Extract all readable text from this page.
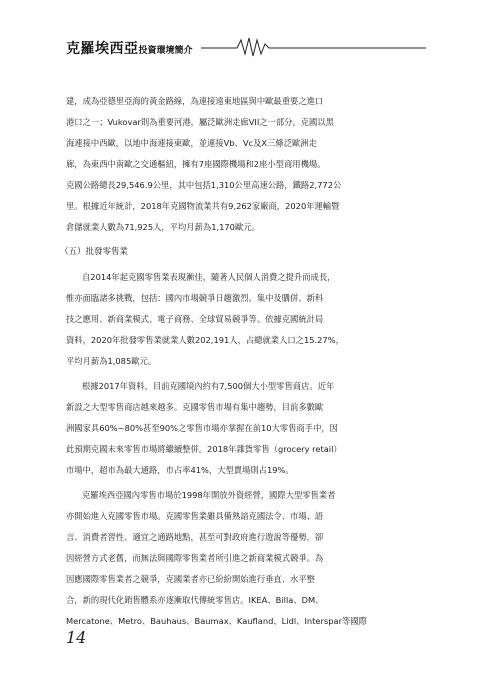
克羅埃西亞投資環境簡介
建，成為亞德里亞海的黃金路線，為連接遠東地區與中歐最重要之進口
港口之一；Vukovar則為重要河港，屬泛歐洲走廊VII之一部分。克國以黑
海連接中西歐，以地中海連接東歐，並連接Vb、Vc及X三條泛歐洲走
廊，為東西中南歐之交通樞紐，擁有7座國際機場和2座小型商用機場。
克國公路總長29,546.9公里，其中包括1,310公里高速公路，鐵路2,772公
里。根據近年統計，2018年克國物流業共有9,262家廠商，2020年運輸暨
倉儲就業人數為71,925人，平均月薪為1,170歐元。
（五）批發零售業
自2014年起克國零售業表現漸佳，隨著人民個人消費之提升而成長，
惟亦面臨諸多挑戰，包括：國內市場競爭日趨激烈、集中及購併、新科
技之應用、新商業模式、電子商務、全球貿易競爭等。依據克國統計局
資料，2020年批發零售業就業人數202,191人，占總就業人口之15.27%，
平均月薪為1,085歐元。
根據2017年資料，目前克國境內約有7,500個大小型零售商店。近年
新設之大型零售商店越來越多。克國零售市場有集中趨勢，目前多數歐
洲國家具60%~80%甚至90%之零售市場亦掌握在前10大零售商手中，因
此預期克國未來零售市場將繼續整併。2018年雜貨零售（grocery retail）
市場中，超市為最大通路，市占率41%，大型賣場則占19%。
克羅埃西亞國內零售市場於1998年開放外資經營，國際大型零售業者
亦開始進入克國零售市場。克國零售業雖具備熟諳克國法令、市場、語
言、消費者習性、適宜之通路地點，甚至可對政府進行遊說等優勢，卻
因經營方式老舊，而無法與國際零售業者所引進之新商業模式競爭。為
因應國際零售業者之競爭，克國業者亦已紛紛開始進行垂直、水平整
合，新的現代化銷售體系亦逐漸取代傳統零售店。IKEA、Billa、DM、
Mercatone、Metro、Bauhaus、Baumax、Kaufland、Lidl、Interspar等國際
14
